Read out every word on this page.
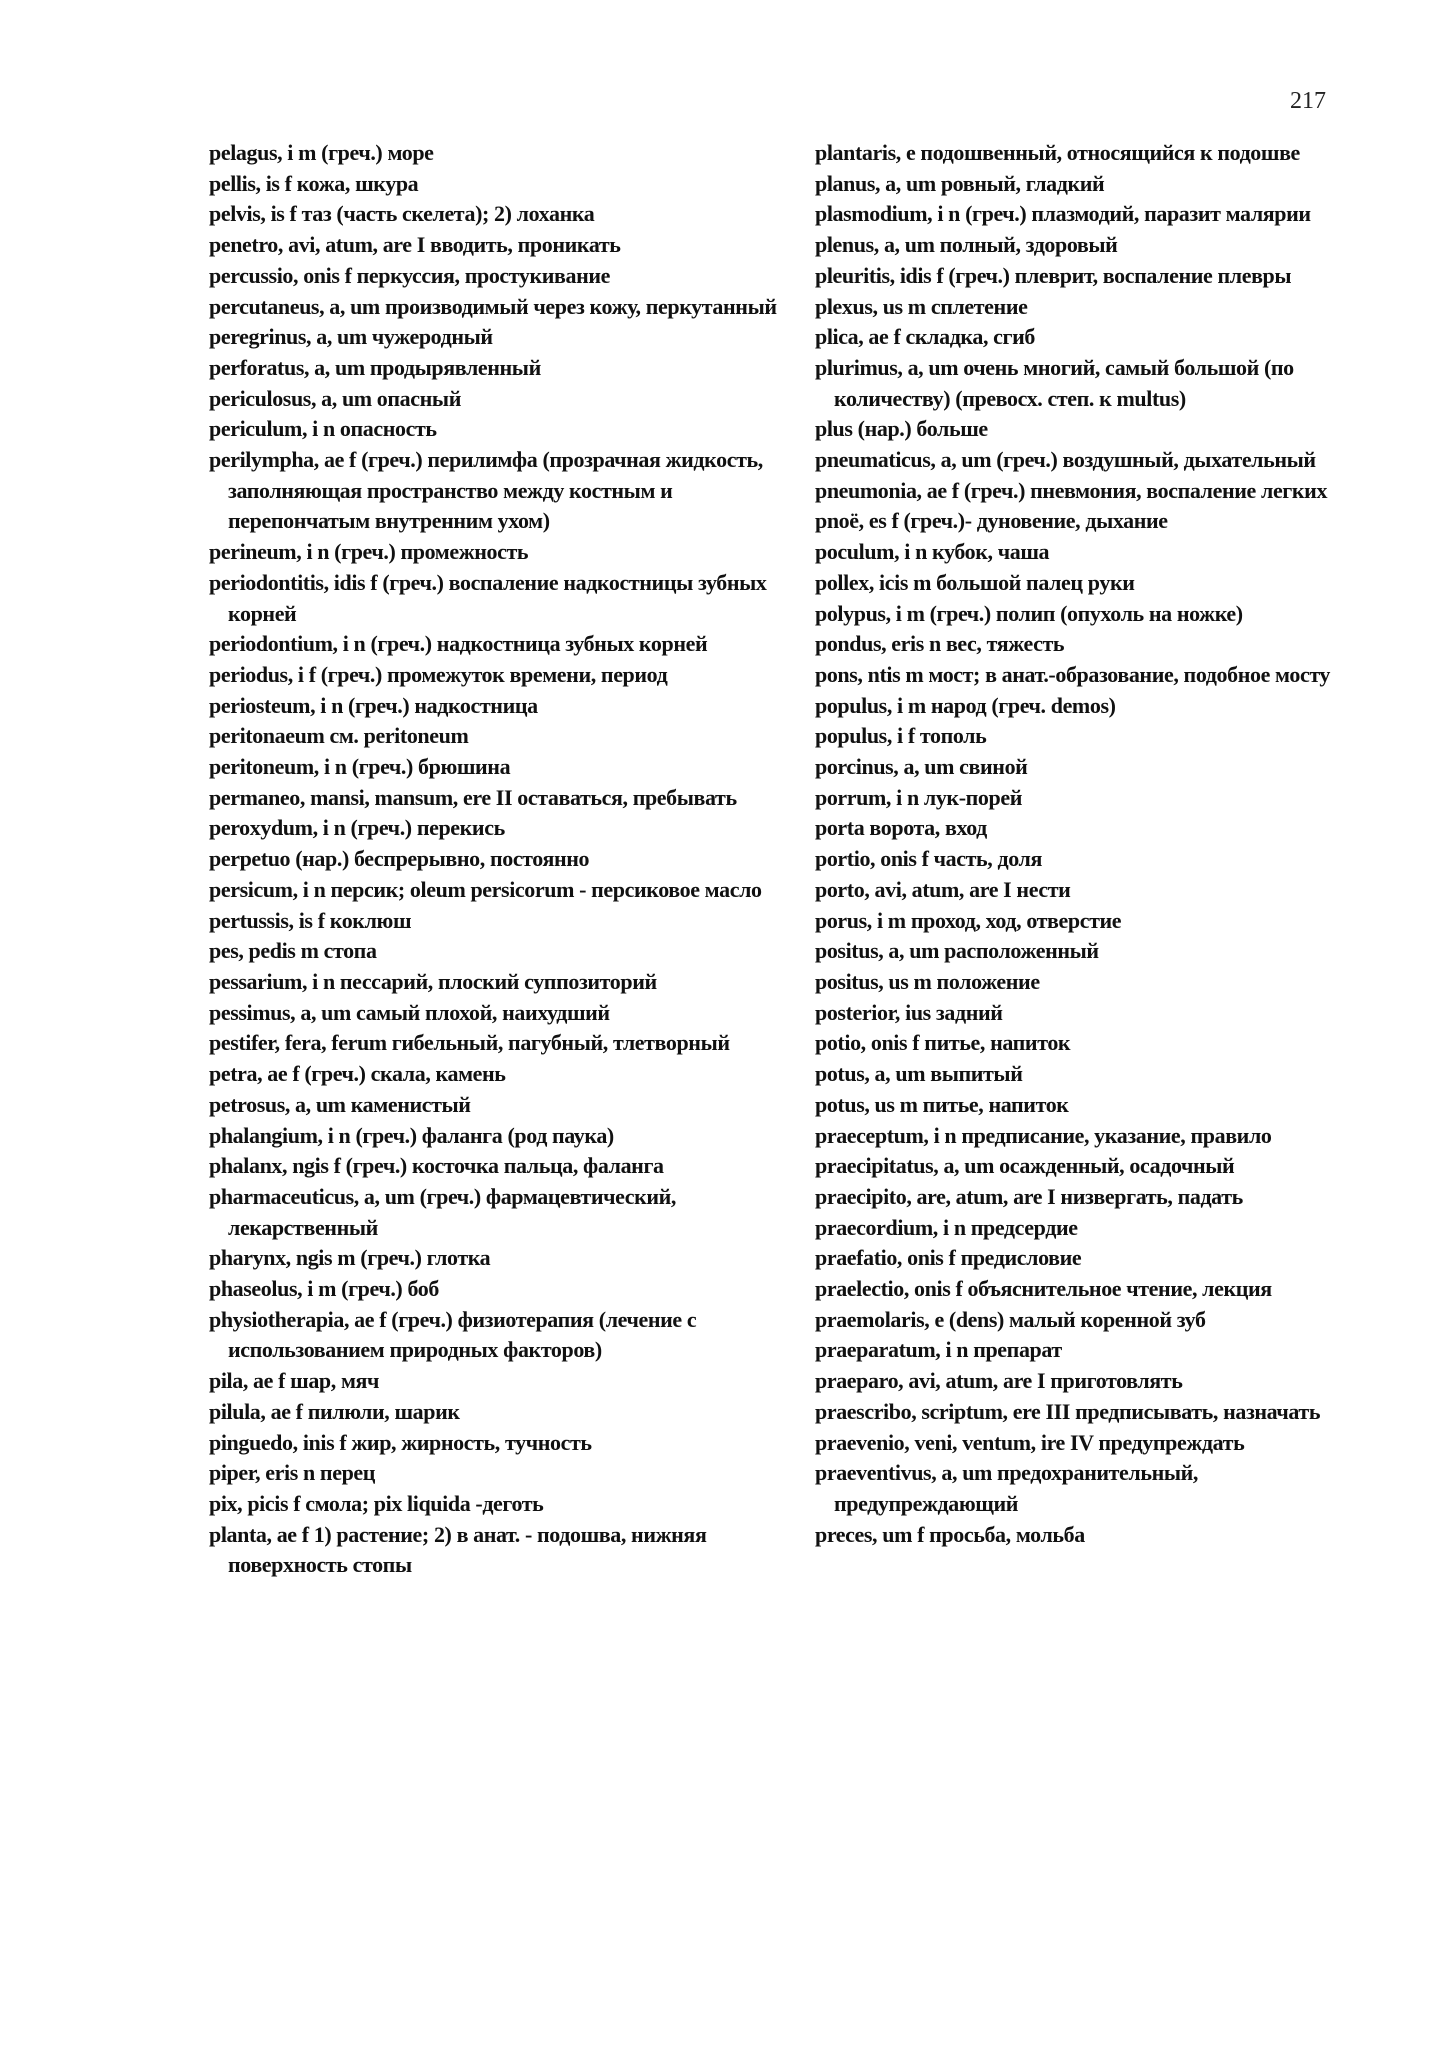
217

pelagus, i m (греч.) море

pellis, is f кожа, шкура

pelvis, is f таз (часть скелета); 2) лоханка

penetro, avi, atum, are I вводить, проникать

percussio, onis f перкуссия, простукивание

percutaneus, a, um производимый через кожу, перкутанный

peregrinus, a, um чужеродный

perforatus, a, um продырявленный

periculosus, a, um опасный

periculum, i n опасность

perilympha, ae f (греч.) перилимфа (прозрачная жидкость, заполняющая пространство между костным и перепончатым внутренним ухом)

perineum, i n (греч.) промежность

periodontitis, idis f (греч.) воспаление надкостницы зубных корней

periodontium, i n (греч.) надкостница зубных корней

periodus, i f (греч.) промежуток времени, период

periosteum, i n (греч.) надкостница

peritonaeum см. peritoneum

peritoneum, i n (греч.) брюшина

permaneo, mansi, mansum, ere II оставаться, пребывать

peroxydum, i n (греч.) перекись

perpetuo (нар.) беспрерывно, постоянно

persicum, i n персик; oleum persicorum - персиковое масло

pertussis, is f коклюш

pes, pedis m стопа

pessarium, i n пессарий, плоский суппозиторий

pessimus, a, um самый плохой, наихудший

pestifer, fera, ferum гибельный, пагубный, тлетворный

petra, ae f (греч.) скала, камень

petrosus, a, um каменистый

phalangium, i n (греч.) фаланга (род паука)

phalanx, ngis f (греч.) косточка пальца, фаланга

pharmaceuticus, a, um (греч.) фармацевтический, лекарственный

pharynx, ngis m (греч.) глотка

phaseolus, i m (греч.) боб

physiotherapia, ae f (греч.) физиотерапия (лечение с использованием природных факторов)

pila, ae f шар, мяч

pilula, ae f пилюли, шарик

pinguedo, inis f жир, жирность, тучность

piper, eris n перец

pix, picis f смола; pix liquida -деготь

planta, ae f 1) растение; 2) в анат. - подошва, нижняя поверхность стопы

plantaris, e подошвенный, относящийся к подошве

planus, a, um ровный, гладкий

plasmodium, i n (греч.) плазмодий, паразит малярии

plenus, a, um полный, здоровый

pleuritis, idis f (греч.) плеврит, воспаление плевры

plexus, us m сплетение

plica, ae f складка, сгиб

plurimus, a, um очень многий, самый большой (по количеству) (превосх. степ. к multus)

plus (нар.) больше

pneumaticus, a, um (греч.) воздушный, дыхательный

pneumonia, ae f (греч.) пневмония, воспаление легких

pnoё, es f (греч.)- дуновение, дыхание

poculum, i n кубок, чаша

pollex, icis m большой палец руки

polypus, i m (греч.) полип (опухоль на ножке)

pondus, eris n вес, тяжесть

pons, ntis m мост; в анат.-образование, подобное мосту

populus, i m народ (греч. demos)

populus, i f тополь

porcinus, a, um свиной

porrum, i n лук-порей

porta ворота, вход

portio, onis f часть, доля

porto, avi, atum, are I нести

porus, i m проход, ход, отверстие

positus, a, um расположенный

positus, us m положение

posterior, ius задний

potio, onis f питье, напиток

potus, a, um выпитый

potus, us m питье, напиток

praeceptum, i n предписание, указание, правило

praecipitatus, a, um осажденный, осадочный

praecipito, are, atum, are I низвергать, падать

praecordium, i n предсердие

praefatio, onis f предисловие

praelectio, onis f объяснительное чтение, лекция

praemolaris, e (dens) малый коренной зуб

praeparatum, i n препарат

praeparo, avi, atum, are I приготовлять

praescribo, scriptum, ere III предписывать, назначать

praevenio, veni, ventum, ire IV предупреждать

praeventivus, a, um предохранительный, предупреждающий

preces, um f просьба, мольба
